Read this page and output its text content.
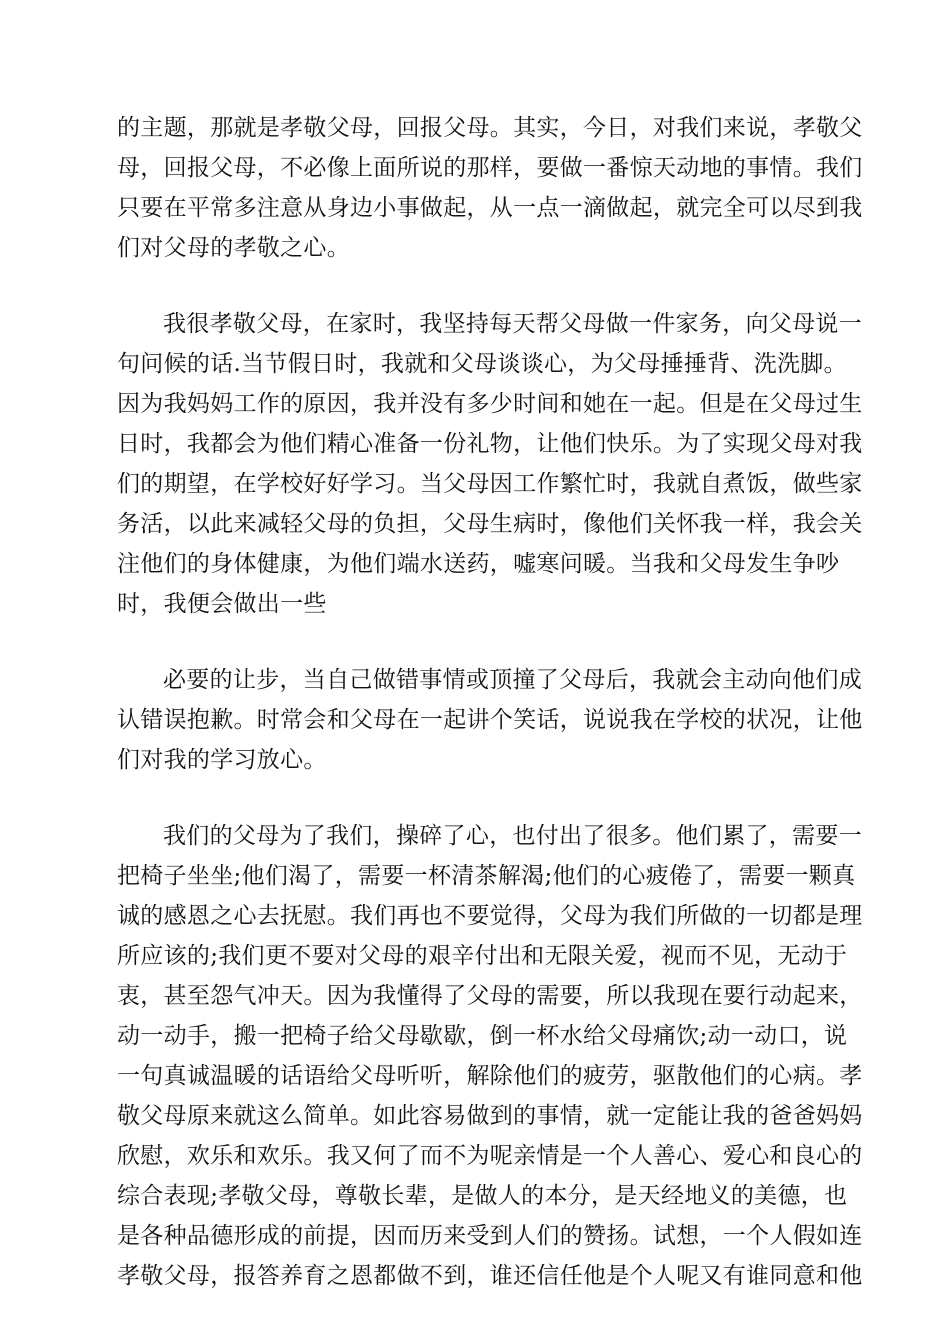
的主题，那就是孝敬父母，回报父母。其实，今日，对我们来说，孝敬父
母，回报父母，不必像上面所说的那样，要做一番惊天动地的事情。我们
只要在平常多注意从身边小事做起，从一点一滴做起，就完全可以尽到我
们对父母的孝敬之心。
我很孝敬父母，在家时，我坚持每天帮父母做一件家务，向父母说一
句问候的话.当节假日时，我就和父母谈谈心，为父母捶捶背、洗洗脚。
因为我妈妈工作的原因，我并没有多少时间和她在一起。但是在父母过生
日时，我都会为他们精心准备一份礼物，让他们快乐。为了实现父母对我
们的期望，在学校好好学习。当父母因工作繁忙时，我就自煮饭，做些家
务活，以此来减轻父母的负担，父母生病时，像他们关怀我一样，我会关
注他们的身体健康，为他们端水送药，嘘寒问暖。当我和父母发生争吵
时，我便会做出一些
必要的让步，当自己做错事情或顶撞了父母后，我就会主动向他们成
认错误抱歉。时常会和父母在一起讲个笑话，说说我在学校的状况，让他
们对我的学习放心。
我们的父母为了我们，操碎了心，也付出了很多。他们累了，需要一
把椅子坐坐;他们渴了，需要一杯清茶解渴;他们的心疲倦了，需要一颗真
诚的感恩之心去抚慰。我们再也不要觉得，父母为我们所做的一切都是理
所应该的;我们更不要对父母的艰辛付出和无限关爱，视而不见，无动于
衷，甚至怨气冲天。因为我懂得了父母的需要，所以我现在要行动起来，
动一动手，搬一把椅子给父母歇歇，倒一杯水给父母痛饮;动一动口，说
一句真诚温暖的话语给父母听听，解除他们的疲劳，驱散他们的心病。孝
敬父母原来就这么简单。如此容易做到的事情，就一定能让我的爸爸妈妈
欣慰，欢乐和欢乐。我又何了而不为呢亲情是一个人善心、爱心和良心的
综合表现;孝敬父母，尊敬长辈，是做人的本分，是天经地义的美德，也
是各种品德形成的前提，因而历来受到人们的赞扬。试想，一个人假如连
孝敬父母，报答养育之恩都做不到，谁还信任他是个人呢又有谁同意和他
